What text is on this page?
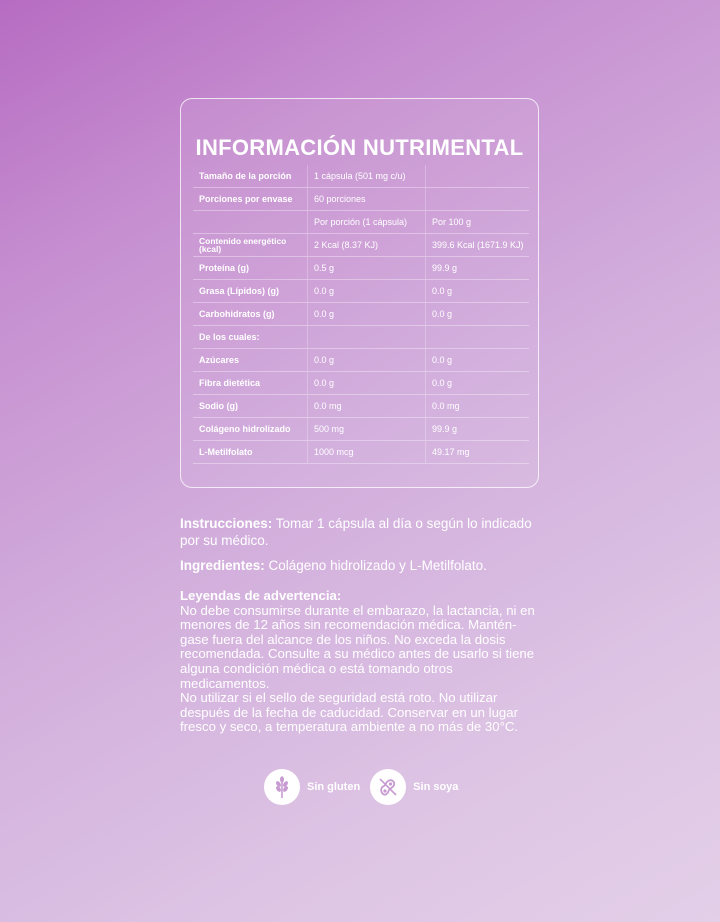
INFORMACIÓN NUTRIMENTAL
Tamaño de la porción	1 cápsula (501 mg c/u)	
Porciones por envase	60 porciones	
	Por porción (1 cápsula)	Por 100 g
Contenido energético (kcal)	2 Kcal (8.37 KJ)	399.6 Kcal (1671.9 KJ)
Proteína (g)	0.5 g	99.9 g
Grasa (Lípidos) (g)	0.0 g	0.0 g
Carbohidratos (g)	0.0 g	0.0 g
De los cuales:		
Azúcares	0.0 g	0.0 g
Fibra dietética	0.0 g	0.0 g
Sodio (g)	0.0 mg	0.0 mg
Colágeno hidrolizado	500 mg	99.9 g
L-Metilfolato	1000 mcg	49.17 mg
Instrucciones: Tomar 1 cápsula al día o según lo indicado por su médico.
Ingredientes: Colágeno hidrolizado y L-Metilfolato.
Leyendas de advertencia:
No debe consumirse durante el embarazo, la lactancia, ni en menores de 12 años sin recomendación médica. Manténgase fuera del alcance de los niños. No exceda la dosis recomendada. Consulte a su médico antes de usarlo si tiene alguna condición médica o está tomando otros medicamentos.
No utilizar si el sello de seguridad está roto. No utilizar después de la fecha de caducidad. Conservar en un lugar fresco y seco, a temperatura ambiente a no más de 30°C.
Sin gluten	Sin soya
